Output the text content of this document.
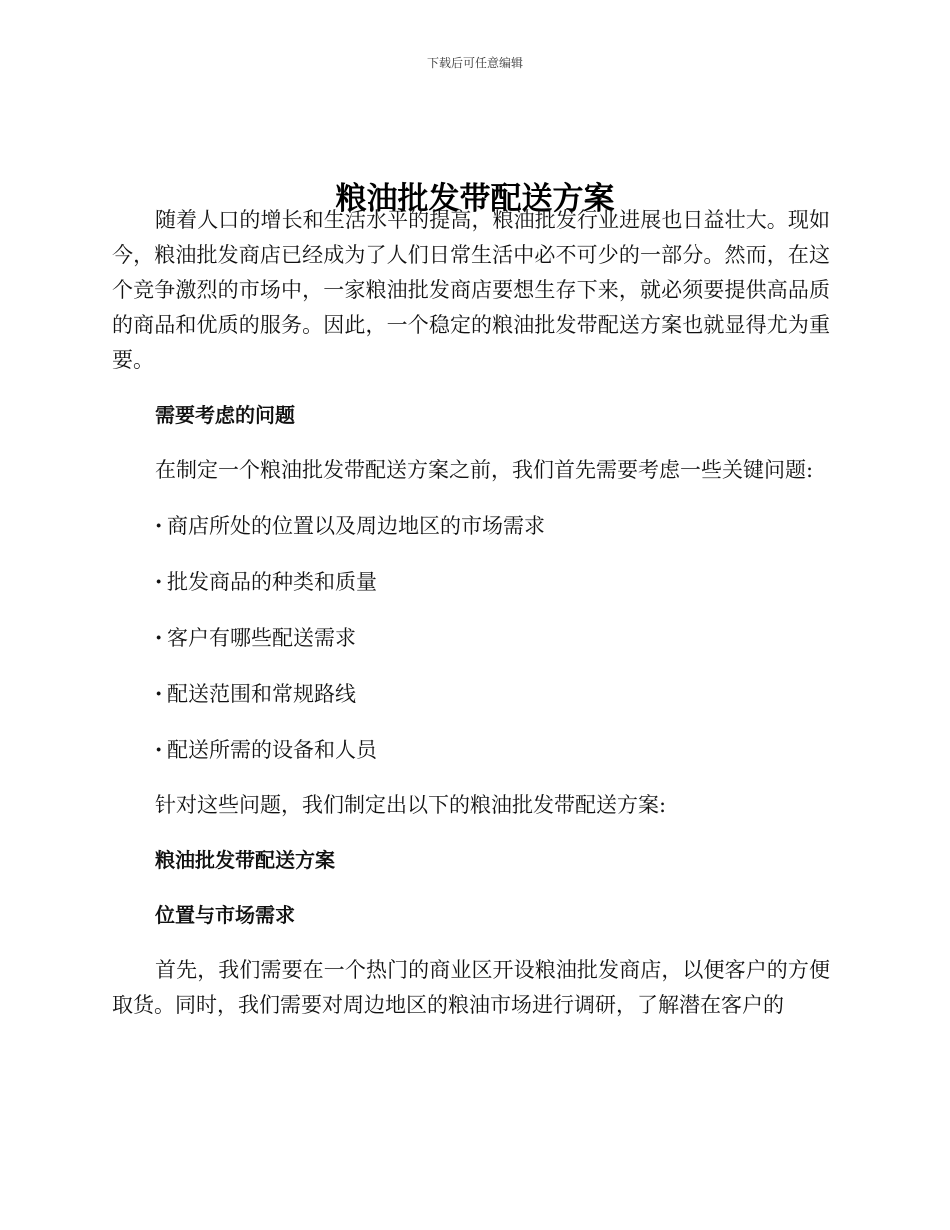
下载后可任意编辑
粮油批发带配送方案

随着人口的增长和生活水平的提高，粮油批发行业进展也日益壮大。现如今，粮油批发商店已经成为了人们日常生活中必不可少的一部分。然而，在这个竞争激烈的市场中，一家粮油批发商店要想生存下来，就必须要提供高品质的商品和优质的服务。因此，一个稳定的粮油批发带配送方案也就显得尤为重要。

需要考虑的问题

在制定一个粮油批发带配送方案之前，我们首先需要考虑一些关键问题:

· 商店所处的位置以及周边地区的市场需求
· 批发商品的种类和质量
· 客户有哪些配送需求
· 配送范围和常规路线
· 配送所需的设备和人员

针对这些问题，我们制定出以下的粮油批发带配送方案:

粮油批发带配送方案

位置与市场需求

首先，我们需要在一个热门的商业区开设粮油批发商店，以便客户的方便取货。同时，我们需要对周边地区的粮油市场进行调研，了解潜在客户的
